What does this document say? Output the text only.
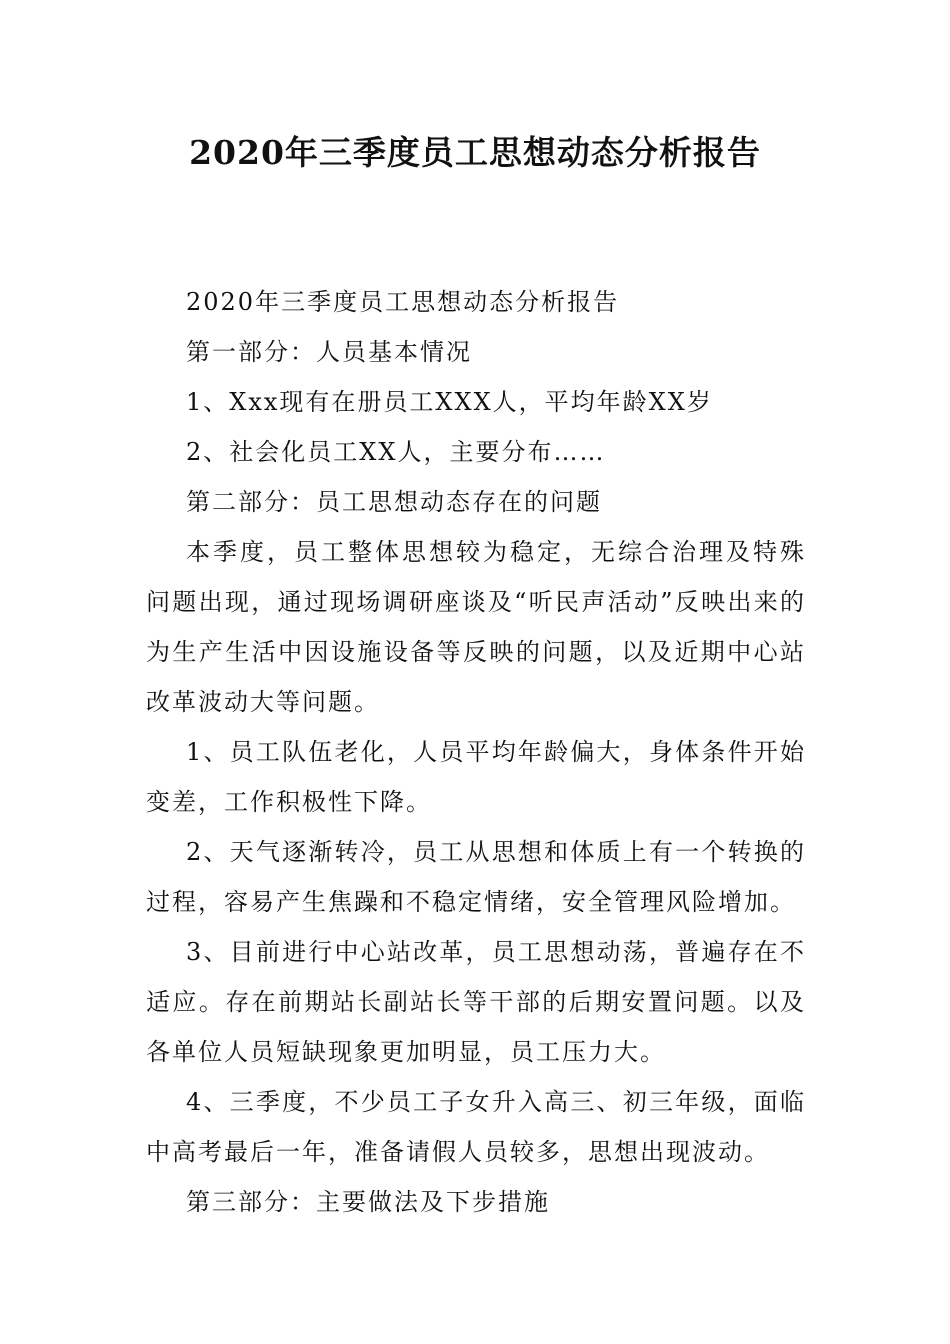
2020年三季度员工思想动态分析报告

2020年三季度员工思想动态分析报告

第一部分：人员基本情况

1、Xxx现有在册员工XXX人，平均年龄XX岁

2、社会化员工XX人，主要分布……

第二部分：员工思想动态存在的问题

本季度，员工整体思想较为稳定，无综合治理及特殊问题出现，通过现场调研座谈及“听民声活动”反映出来的为生产生活中因设施设备等反映的问题，以及近期中心站改革波动大等问题。

1、员工队伍老化，人员平均年龄偏大，身体条件开始变差，工作积极性下降。

2、天气逐渐转冷，员工从思想和体质上有一个转换的过程，容易产生焦躁和不稳定情绪，安全管理风险增加。

3、目前进行中心站改革，员工思想动荡，普遍存在不适应。存在前期站长副站长等干部的后期安置问题。以及各单位人员短缺现象更加明显，员工压力大。

4、三季度，不少员工子女升入高三、初三年级，面临中高考最后一年，准备请假人员较多，思想出现波动。

第三部分：主要做法及下步措施
